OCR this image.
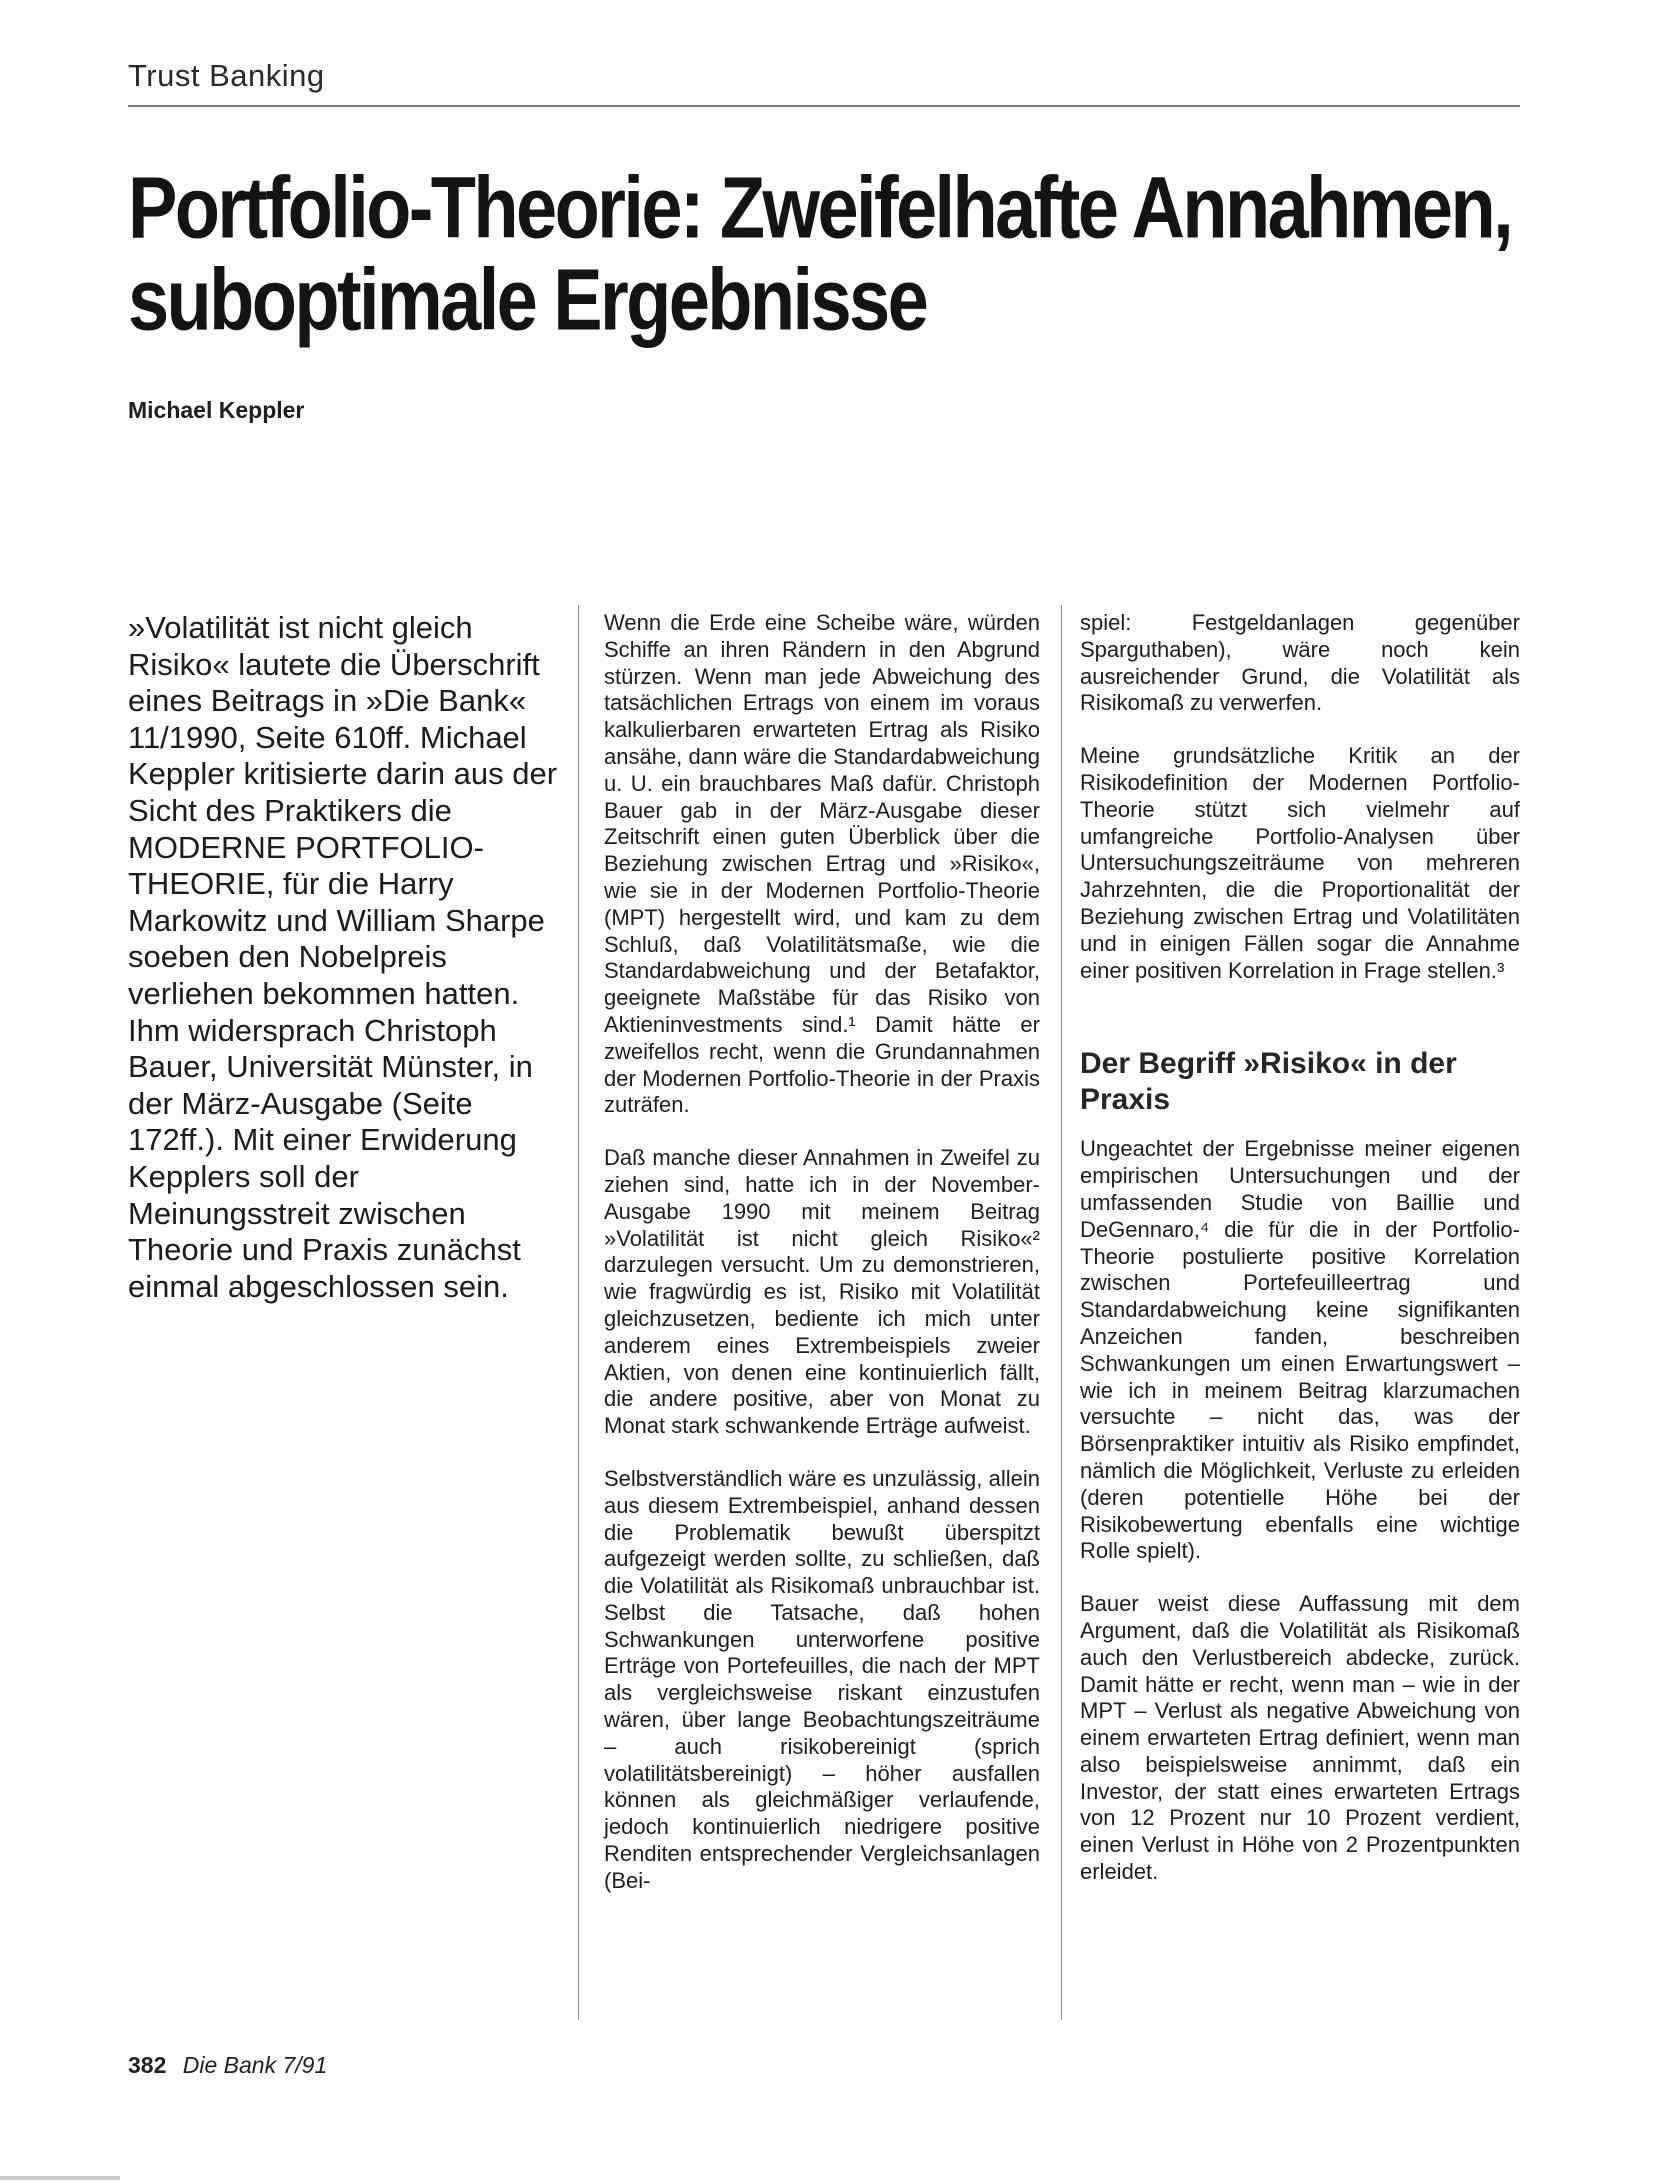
Trust Banking
Portfolio-Theorie: Zweifelhafte Annahmen, suboptimale Ergebnisse
Michael Keppler
»Volatilität ist nicht gleich Risiko« lautete die Überschrift eines Beitrags in »Die Bank« 11/1990, Seite 610ff. Michael Keppler kritisierte darin aus der Sicht des Praktikers die MODERNE PORTFOLIO-THEORIE, für die Harry Markowitz und William Sharpe soeben den Nobelpreis verliehen bekommen hatten. Ihm widersprach Christoph Bauer, Universität Münster, in der März-Ausgabe (Seite 172ff.). Mit einer Erwiderung Kepplers soll der Meinungsstreit zwischen Theorie und Praxis zunächst einmal abgeschlossen sein.

Wenn die Erde eine Scheibe wäre, würden Schiffe an ihren Rändern in den Abgrund stürzen. Wenn man jede Abweichung des tatsächlichen Ertrags von einem im voraus kalkulierbaren erwarteten Ertrag als Risiko ansähe, dann wäre die Standardabweichung u. U. ein brauchbares Maß dafür. Christoph Bauer gab in der März-Ausgabe dieser Zeitschrift einen guten Überblick über die Beziehung zwischen Ertrag und »Risiko«, wie sie in der Modernen Portfolio-Theorie (MPT) hergestellt wird, und kam zu dem Schluß, daß Volatilitätsmaße, wie die Standardabweichung und der Betafaktor, geeignete Maßstäbe für das Risiko von Aktieninvestments sind.¹ Damit hätte er zweifellos recht, wenn die Grundannahmen der Modernen Portfolio-Theorie in der Praxis zuträfen.

Daß manche dieser Annahmen in Zweifel zu ziehen sind, hatte ich in der November-Ausgabe 1990 mit meinem Beitrag »Volatilität ist nicht gleich Risiko«² darzulegen versucht. Um zu demonstrieren, wie fragwürdig es ist, Risiko mit Volatilität gleichzusetzen, bediente ich mich unter anderem eines Extrembeispiels zweier Aktien, von denen eine kontinuierlich fällt, die andere positive, aber von Monat zu Monat stark schwankende Erträge aufweist.

Selbstverständlich wäre es unzulässig, allein aus diesem Extrembeispiel, anhand dessen die Problematik bewußt überspitzt aufgezeigt werden sollte, zu schließen, daß die Volatilität als Risikomaß unbrauchbar ist. Selbst die Tatsache, daß hohen Schwankungen unterworfene positive Erträge von Portefeuilles, die nach der MPT als vergleichsweise riskant einzustufen wären, über lange Beobachtungszeiträume – auch risikobereinigt (sprich volatilitätsbereinigt) – höher ausfallen können als gleichmäßiger verlaufende, jedoch kontinuierlich niedrigere positive Renditen entsprechender Vergleichsanlagen (Bei-

spiel: Festgeldanlagen gegenüber Sparguthaben), wäre noch kein ausreichender Grund, die Volatilität als Risikomaß zu verwerfen.

Meine grundsätzliche Kritik an der Risikodefinition der Modernen Portfolio-Theorie stützt sich vielmehr auf umfangreiche Portfolio-Analysen über Untersuchungszeiträume von mehreren Jahrzehnten, die die Proportionalität der Beziehung zwischen Ertrag und Volatilitäten und in einigen Fällen sogar die Annahme einer positiven Korrelation in Frage stellen.³

Der Begriff »Risiko« in der Praxis

Ungeachtet der Ergebnisse meiner eigenen empirischen Untersuchungen und der umfassenden Studie von Baillie und DeGennaro,⁴ die für die in der Portfolio-Theorie postulierte positive Korrelation zwischen Portefeuilleertrag und Standardabweichung keine signifikanten Anzeichen fanden, beschreiben Schwankungen um einen Erwartungswert – wie ich in meinem Beitrag klarzumachen versuchte – nicht das, was der Börsenpraktiker intuitiv als Risiko empfindet, nämlich die Möglichkeit, Verluste zu erleiden (deren potentielle Höhe bei der Risikobewertung ebenfalls eine wichtige Rolle spielt).

Bauer weist diese Auffassung mit dem Argument, daß die Volatilität als Risikomaß auch den Verlustbereich abdecke, zurück. Damit hätte er recht, wenn man – wie in der MPT – Verlust als negative Abweichung von einem erwarteten Ertrag definiert, wenn man also beispielsweise annimmt, daß ein Investor, der statt eines erwarteten Ertrags von 12 Prozent nur 10 Prozent verdient, einen Verlust in Höhe von 2 Prozentpunkten erleidet.

382 Die Bank 7/91
